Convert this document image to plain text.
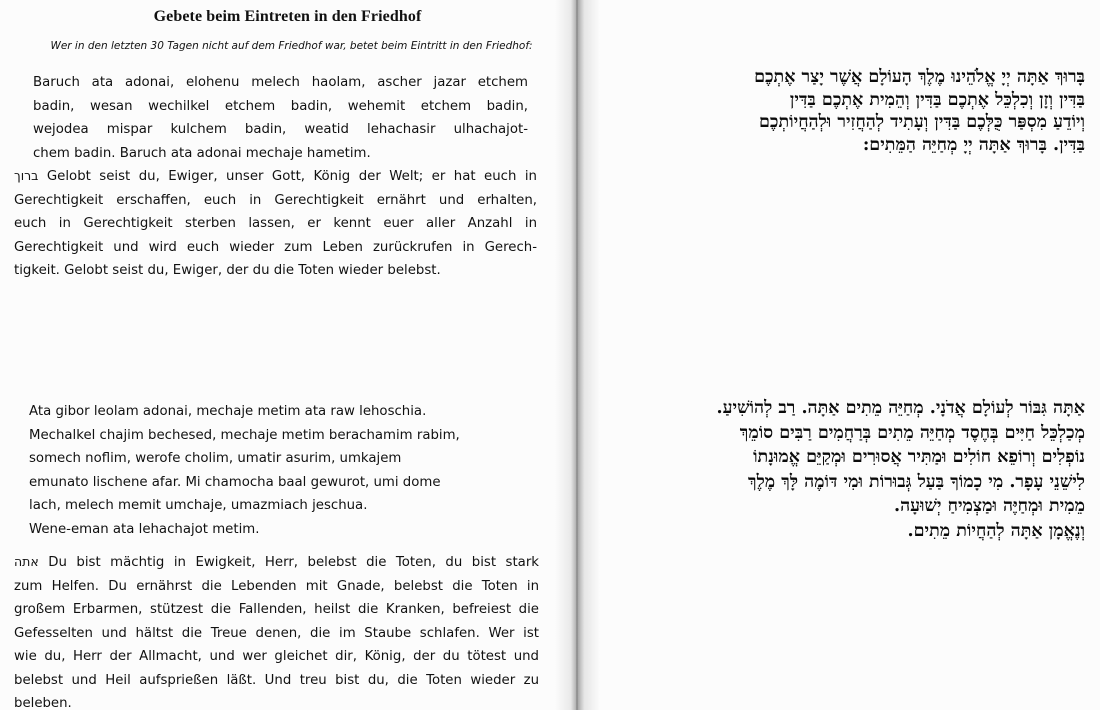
Gebete beim Eintreten in den Friedhof
Wer in den letzten 30 Tagen nicht auf dem Friedhof war, betet beim Eintritt in den Friedhof:
Baruch ata adonai, elohenu melech haolam, ascher jazar etchem
badin, wesan wechilkel etchem badin, wehemit etchem badin,
wejodea mispar kulchem badin, weatid lehachasir ulhachajot-
chem badin. Baruch ata adonai mechaje hametim.
ברוך Gelobt seist du, Ewiger, unser Gott, König der Welt; er hat euch in
Gerechtigkeit erschaffen, euch in Gerechtigkeit ernährt und erhalten,
euch in Gerechtigkeit sterben lassen, er kennt euer aller Anzahl in
Gerechtigkeit und wird euch wieder zum Leben zurückrufen in Gerech-
tigkeit. Gelobt seist du, Ewiger, der du die Toten wieder belebst.
Ata gibor leolam adonai, mechaje metim ata raw lehoschia.
Mechalkel chajim bechesed, mechaje metim berachamim rabim,
somech noflim, werofe cholim, umatir asurim, umkajem
emunato lischene afar. Mi chamocha baal gewurot, umi dome
lach, melech memit umchaje, umazmiach jeschua.
Wene-eman ata lehachajot metim.
אתה Du bist mächtig in Ewigkeit, Herr, belebst die Toten, du bist stark
zum Helfen. Du ernährst die Lebenden mit Gnade, belebst die Toten in
großem Erbarmen, stützest die Fallenden, heilst die Kranken, befreiest die
Gefesselten und hältst die Treue denen, die im Staube schlafen. Wer ist
wie du, Herr der Allmacht, und wer gleichet dir, König, der du tötest und
belebst und Heil aufsprießen läßt. Und treu bist du, die Toten wieder zu
beleben.
בָּרוּךְ אַתָּה יְיָ אֱלֹהֵינוּ מֶלֶךְ הָעוֹלָם אֲשֶׁר יָצַר אֶתְכֶם
בַּדִּין וְזָן וְכִלְכֵּל אֶתְכֶם בַּדִּין וְהֵמִית אֶתְכֶם בַּדִּין
וְיוֹדֵעַ מִסְפַּר כֻּלְּכֶם בַּדִּין וְעָתִיד לְהַחֲזִיר וּלְהַחֲיוֹתְכֶם
בַּדִּין. בָּרוּךְ אַתָּה יְיָ מְחַיֵּה הַמֵּתִים:
אַתָּה גִּבּוֹר לְעוֹלָם אֲדֹנָי. מְחַיֵּה מֵתִים אַתָּה. רַב לְהוֹשִׁיעַ.
מְכַלְכֵּל חַיִּים בְּחֶסֶד מְחַיֵּה מֵתִים בְּרַחֲמִים רַבִּים סוֹמֵךְ
נוֹפְלִים וְרוֹפֵא חוֹלִים וּמַתִּיר אֲסוּרִים וּמְקַיֵּם אֱמוּנָתוֹ
לִישֵׁנֵי עָפָר. מִי כָמוֹךָ בַּעַל גְּבוּרוֹת וּמִי דּוֹמֶה לָּךְ מֶלֶךְ
מֵמִית וּמְחַיֶּה וּמַצְמִיחַ יְשׁוּעָה.
וְנֶאֱמָן אַתָּה לְהַחֲיוֹת מֵתִים.
